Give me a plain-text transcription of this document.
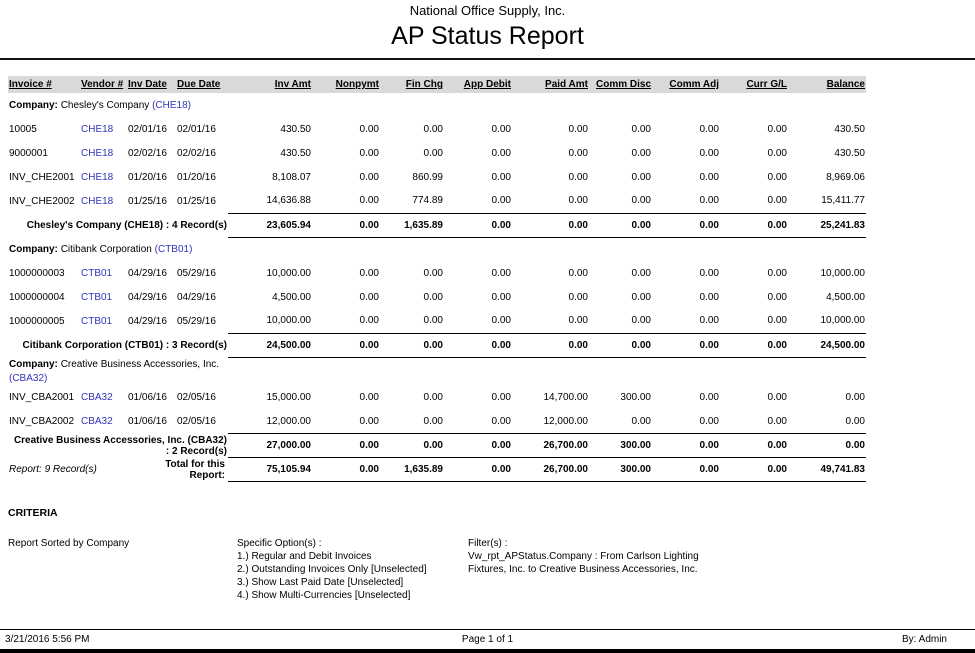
National Office Supply, Inc.
AP Status Report
Invoice #	Vendor #	Inv Date	Due Date	Inv Amt	Nonpymt	Fin Chg	App Debit	Paid Amt	Comm Disc	Comm Adj	Curr G/L	Balance
Company: Chesley's Company (CHE18)												
10005	CHE18	02/01/16	02/01/16	430.50	0.00	0.00	0.00	0.00	0.00	0.00	0.00	430.50
9000001	CHE18	02/02/16	02/02/16	430.50	0.00	0.00	0.00	0.00	0.00	0.00	0.00	430.50
INV_CHE2001	CHE18	01/20/16	01/20/16	8,108.07	0.00	860.99	0.00	0.00	0.00	0.00	0.00	8,969.06
INV_CHE2002	CHE18	01/25/16	01/25/16	14,636.88	0.00	774.89	0.00	0.00	0.00	0.00	0.00	15,411.77
Chesley's Company (CHE18) : 4 Record(s)				23,605.94	0.00	1,635.89	0.00	0.00	0.00	0.00	0.00	25,241.83
Company: Citibank Corporation (CTB01)												
1000000003	CTB01	04/29/16	05/29/16	10,000.00	0.00	0.00	0.00	0.00	0.00	0.00	0.00	10,000.00
1000000004	CTB01	04/29/16	04/29/16	4,500.00	0.00	0.00	0.00	0.00	0.00	0.00	0.00	4,500.00
1000000005	CTB01	04/29/16	05/29/16	10,000.00	0.00	0.00	0.00	0.00	0.00	0.00	0.00	10,000.00
Citibank Corporation (CTB01) : 3 Record(s)				24,500.00	0.00	0.00	0.00	0.00	0.00	0.00	0.00	24,500.00

Company: Creative Business Accessories, Inc.
(CBA32)												

INV_CBA2001	CBA32	01/06/16	02/05/16	15,000.00	0.00	0.00	0.00	14,700.00	300.00	0.00	0.00	0.00
INV_CBA2002	CBA32	01/06/16	02/05/16	12,000.00	0.00	0.00	0.00	12,000.00	0.00	0.00	0.00	0.00
Creative Business Accessories, Inc. (CBA32) : 2 Record(s)				27,000.00	0.00	0.00	0.00	26,700.00	300.00	0.00	0.00	0.00
Report: 9 Record(s)		Total for this Report:		75,105.94	0.00	1,635.89	0.00	26,700.00	300.00	0.00	0.00	49,741.83
CRITERIA
Report Sorted by Company	Specific Option(s) :
1.) Regular and Debit Invoices
2.) Outstanding Invoices Only [Unselected]
3.) Show Last Paid Date [Unselected]
4.) Show Multi-Currencies [Unselected]
Filter(s) :
Vw_rpt_APStatus.Company : From Carlson Lighting Fixtures, Inc. to Creative Business Accessories, Inc.
3/21/2016 5:56 PM	Page 1 of 1	By: Admin
